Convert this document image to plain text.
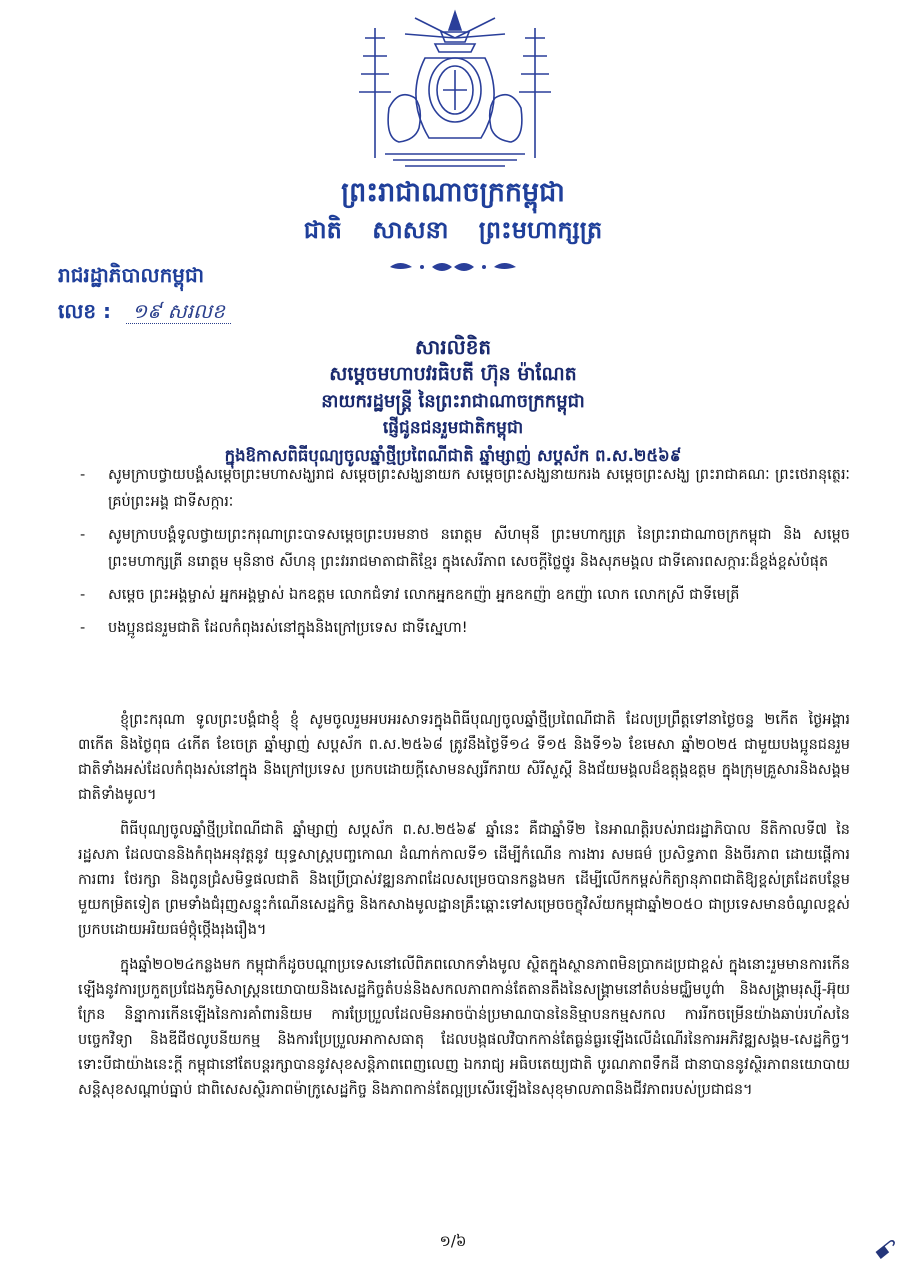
ព្រះរាជាណាចក្រកម្ពុជា
ជាតិ សាសនា ព្រះមហាក្សត្រ
រាជរដ្ឋាភិបាលកម្ពុជា
លេខ : ១៩ សរលខ
សារលិខិត
សម្តេចមហាបវរធិបតី ហ៊ុន ម៉ាណែត
នាយករដ្ឋមន្ត្រី នៃព្រះរាជាណាចក្រកម្ពុជា
ផ្ញើជូនជនរួមជាតិកម្ពុជា
ក្នុងឱកាសពិធីបុណ្យចូលឆ្នាំថ្មីប្រពៃណីជាតិ ឆ្នាំម្សាញ់ សប្តស័ក ព.ស.២៥៦៩
- សូមក្រាបថ្វាយបង្គំសម្តេចព្រះមហាសង្ឃរាជ សម្តេចព្រះសង្ឃនាយក សម្តេចព្រះសង្ឃនាយករង សម្តេចព្រះសង្ឃ ព្រះរាជាគណៈ ព្រះថេរានុត្ថេរៈគ្រប់ព្រះអង្គ ជាទីសក្ការៈ
- សូមក្រាបបង្គំទូលថ្វាយព្រះករុណាព្រះបាទសម្តេចព្រះបរមនាថ នរោត្តម សីហមុនី ព្រះមហាក្សត្រ នៃព្រះរាជាណាចក្រកម្ពុជា និង សម្តេចព្រះមហាក្សត្រី នរោត្តម មុនិនាថ សីហនុ ព្រះវររាជមាតាជាតិខ្មែរ ក្នុងសេរីភាព សេចក្តីថ្លៃថ្នូរ និងសុភមង្គល ជាទីគោរពសក្ការៈដ៏ខ្ពង់ខ្ពស់បំផុត
- សម្តេច ព្រះអង្គម្ចាស់ អ្នកអង្គម្ចាស់ ឯកឧត្តម លោកជំទាវ លោកអ្នកឧកញ៉ា អ្នកឧកញ៉ា ឧកញ៉ា លោក លោកស្រី ជាទីមេត្រី
- បងប្អូនជនរួមជាតិ ដែលកំពុងរស់នៅក្នុងនិងក្រៅប្រទេស ជាទីស្នេហា!

ខ្ញុំព្រះករុណា ទូលព្រះបង្គំជាខ្ញុំ ខ្ញុំ សូមចូលរួមអបអរសាទរក្នុងពិធីបុណ្យចូលឆ្នាំថ្មីប្រពៃណីជាតិ ដែលប្រព្រឹត្តទៅនាថ្ងៃចន្ទ ២កើត ថ្ងៃអង្គារ ៣កើត និងថ្ងៃពុធ ៤កើត ខែចេត្រ ឆ្នាំម្សាញ់ សប្តស័ក ព.ស.២៥៦៨ ត្រូវនឹងថ្ងៃទី១៤ ទី១៥ និងទី១៦ ខែមេសា ឆ្នាំ២០២៥ ជាមួយបងប្អូនជនរួមជាតិទាំងអស់ដែលកំពុងរស់នៅក្នុង និងក្រៅប្រទេស ប្រកបដោយក្តីសោមនស្សរីករាយ សិរីសួស្តី និងជ័យមង្គលដ៏ឧត្តុង្គឧត្តម ក្នុងក្រុមគ្រួសារនិងសង្គមជាតិទាំងមូល។

ពិធីបុណ្យចូលឆ្នាំថ្មីប្រពៃណីជាតិ ឆ្នាំម្សាញ់ សប្តស័ក ព.ស.២៥៦៩ ឆ្នាំនេះ គឺជាឆ្នាំទី២ នៃអាណត្តិរបស់រាជរដ្ឋាភិបាល នីតិកាលទី៧ នៃរដ្ឋសភា ដែលបាននិងកំពុងអនុវត្តនូវ យុទ្ធសាស្ត្របញ្ចកោណ ដំណាក់កាលទី១ ដើម្បីកំណើន ការងារ សមធម៌ ប្រសិទ្ធភាព និងចីរភាព ដោយផ្តើការការពារ ថែរក្សា និងពូនជ្រំសមិទ្ធផលជាតិ និងប្រើប្រាស់វឌ្ឍនភាពដែលសម្រេចបានកន្លងមក ដើម្បីលើកកម្ពស់កិត្យានុភាពជាតិឱ្យខ្ពស់ត្រដែតបន្ថែមមួយកម្រិតទៀត ព្រមទាំងជំរុញសន្ទុះកំណើនសេដ្ឋកិច្ច និងកសាងមូលដ្ឋានគ្រឹះឆ្ពោះទៅសម្រេចចក្ខុវិស័យកម្ពុជាឆ្នាំ២០៥០ ជាប្រទេសមានចំណូលខ្ពស់ ប្រកបដោយអរិយធម៌ថ្កុំថ្កើងរុងរឿង។

ក្នុងឆ្នាំ២០២៤កន្លងមក កម្ពុជាក៏ដូចបណ្តាប្រទេសនៅលើពិភពលោកទាំងមូល ស្ថិតក្នុងស្ថានភាពមិនប្រាកដប្រជាខ្ពស់ ក្នុងនោះរួមមានការកើនឡើងនូវការប្រកួតប្រជែងភូមិសាស្ត្រនយោបាយនិងសេដ្ឋកិច្ចតំបន់និងសកលភាពកាន់តែតានតឹងនៃសង្គ្រាមនៅតំបន់មជ្ឈិមបូព៌ា និងសង្គ្រាមរុស្ស៊ី-អ៊ុយក្រែន និន្នាការកើនឡើងនៃការគាំពារនិយម ការប្រែប្រួលដែលមិនអាចប៉ាន់ប្រមាណបាននៃនិម្មាបនកម្មសកល ការរីកចម្រើនយ៉ាងឆាប់រហ័សនៃបច្ចេកវិទ្យា និងឌីជីថលូបនីយកម្ម និងការប្រែប្រួលអាកាសធាតុ ដែលបង្កផលវិបាកកាន់តែធ្ងន់ធ្ងរឡើងលើដំណើរនៃការអភិវឌ្ឍសង្គម-សេដ្ឋកិច្ច។ ទោះបីជាយ៉ាងនេះក្តី កម្ពុជានៅតែបន្តរក្សាបាននូវសុខសន្តិភាពពេញលេញ ឯករាជ្យ អធិបតេយ្យជាតិ បូរណភាពទឹកដី ជានាបាននូវស្ថិរភាពនយោបាយ សន្តិសុខសណ្តាប់ធ្នាប់ ជាពិសេសស្ថិរភាពម៉ាក្រូសេដ្ឋកិច្ច និងភាពកាន់តែល្អប្រសើរឡើងនៃសុខុមាលភាពនិងជីវភាពរបស់ប្រជាជន។

១/៦	ꗃ
